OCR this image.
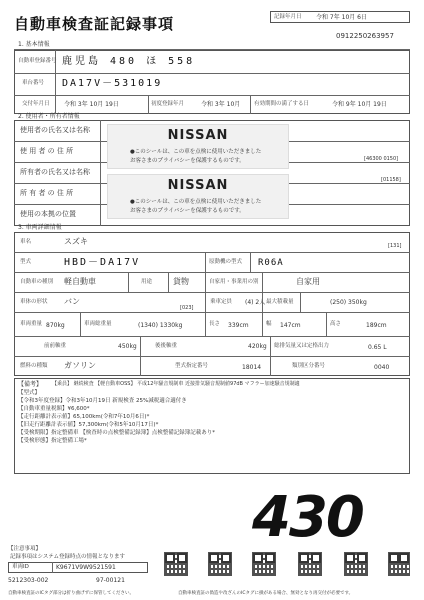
自動車検査証記録事項	記録年月日 令和 7年 10月 6日
0912250263957
1. 基本情報
自動車登録番号 鹿児島 480 ほ 558
車台番号 DA17V－531019
交付年月日 令和 3年 10月 19日	初度登録年月	令和 3年 10月 有効期間の満了する日	令和 9年 10月 19日
2. 使用者・所有者情報
使用者の氏名又は名称
使 用 者 の 住 所
所有者の氏名又は名称
所 有 者 の 住 所
使用の本拠の位置
[46300 0150]
[01158]
NISSAN
●このシールは、この車を点検に使用いただきました
お客さまのプライバシーを保護するものです。
NISSAN
●このシールは、この車を点検に使用いただきました
お客さまのプライバシーを保護するものです。
3. 車両詳細情報
車名	スズキ	[131]
型式	HBD－DA17V	原動機の型式 R06A
自動車の種別 軽自動車	用途	貨物	自家用・事業用の別	自家用
車体の形状 バン
[023]
乗車定員 (4) 2人 最大積載量	(250) 350kg
車両重量 870kg	車両総重量	(1340) 1330kg	長さ 339cm	幅 147cm	高さ	189cm
前前軸重	450kg	後後軸重	420kg 総排気量又は定格出力	0.65 L
燃料の種類 ガソリン	型式指定番号	18014	類別区分番号	0040
【備考】 【乗員】 継続検査 【軽自動車OSS】 平成12年騒音規制車 近接排気騒音規制値97dB マフラー加速騒音規制適
【型式】
【令和3年度登録】令和3年10月19日 新規検査 25%減税適合適付き
【自動車重量税額】¥6,600*
【走行距離計表示値】65,100km(令和7年10月6日)*
【旧走行距離計表示値】57,300km(令和5年10月17日)*
【受検期限】指定整備車 【検査時の点検整備記録簿】点検整備記録簿記載あり*
【受検形態】指定整備工場*
430
【注意事項】
記録事項はシステム登録時点の情報となります
車両ID	K9671V9W9521591
5212303-002	97-00121
自動車検査証のICタグ部分は折り曲げずに保管してください。	自動車検査証の偽造や改ざんのICタグに損がある場合、無効となり再交付が必要です。
